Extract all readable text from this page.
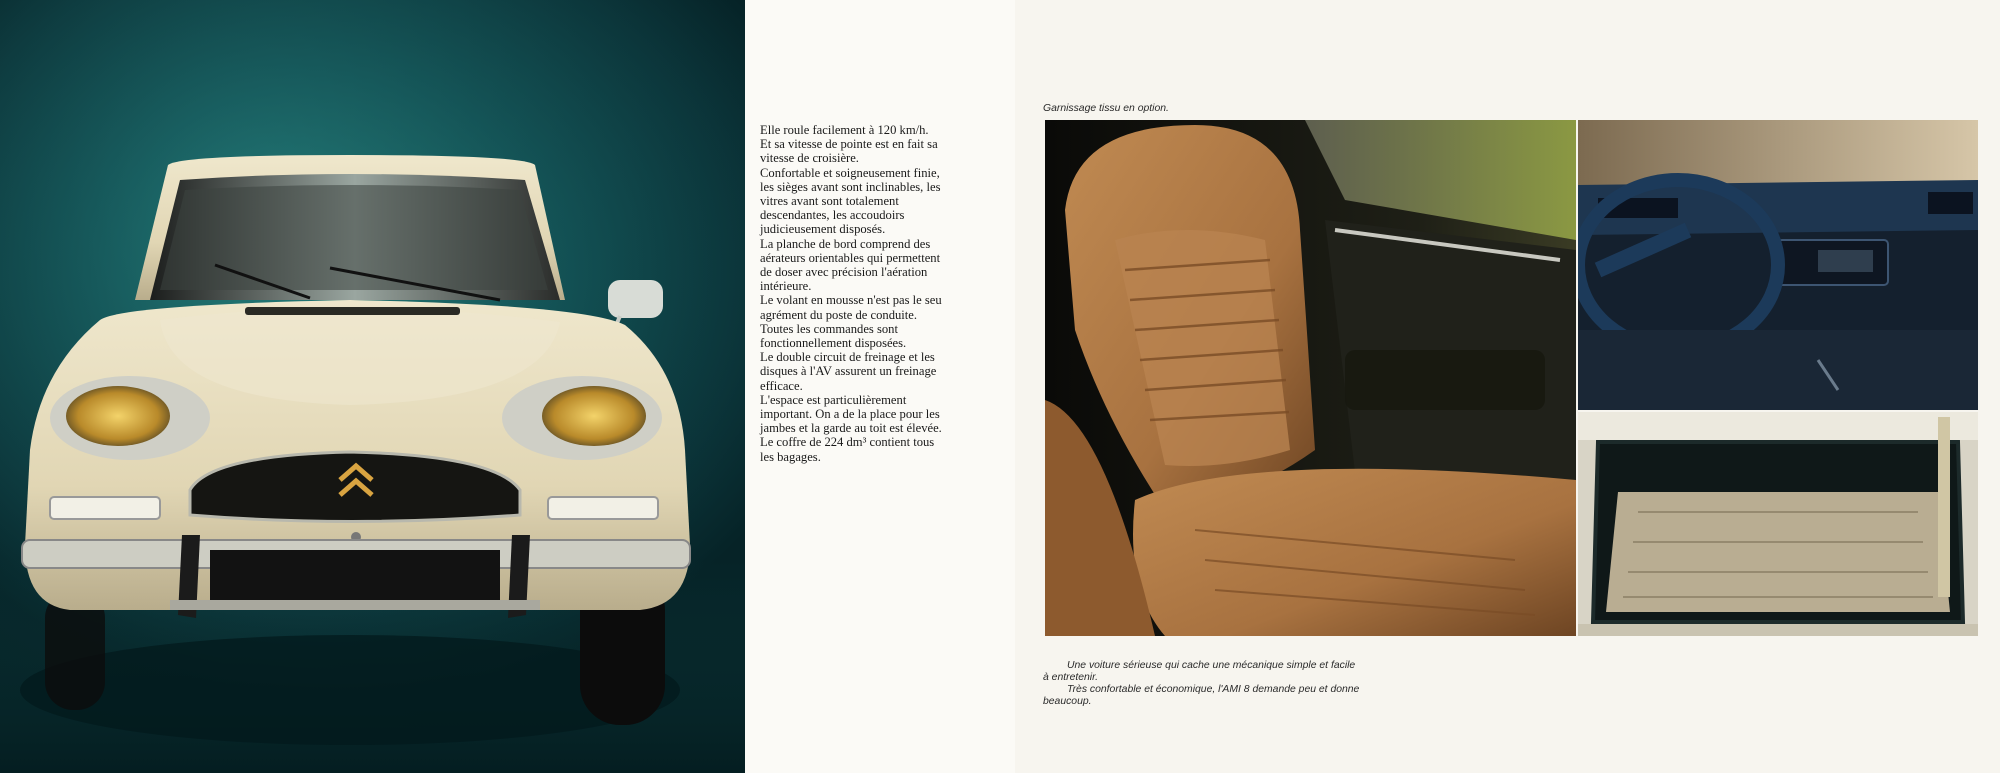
Elle roule facilement à 120 km/h.

Et sa vitesse de pointe est en fait sa

vitesse de croisière.

Confortable et soigneusement finie,

les sièges avant sont inclinables, les

vitres avant sont totalement

descendantes, les accoudoirs

judicieusement disposés.

La planche de bord comprend des

aérateurs orientables qui permettent

de doser avec précision l'aération

intérieure.

Le volant en mousse n'est pas le seu

agrément du poste de conduite.

Toutes les commandes sont

fonctionnellement disposées.

Le double circuit de freinage et les

disques à l'AV assurent un freinage

efficace.

L'espace est particulièrement

important. On a de la place pour les

jambes et la garde au toit est élevée.

Le coffre de 224 dm³ contient tous

les bagages.

Garnissage tissu en option.

Une voiture sérieuse qui cache une mécanique simple et facile

à entretenir.

Très confortable et économique, l'AMI 8 demande peu et donne

beaucoup.
